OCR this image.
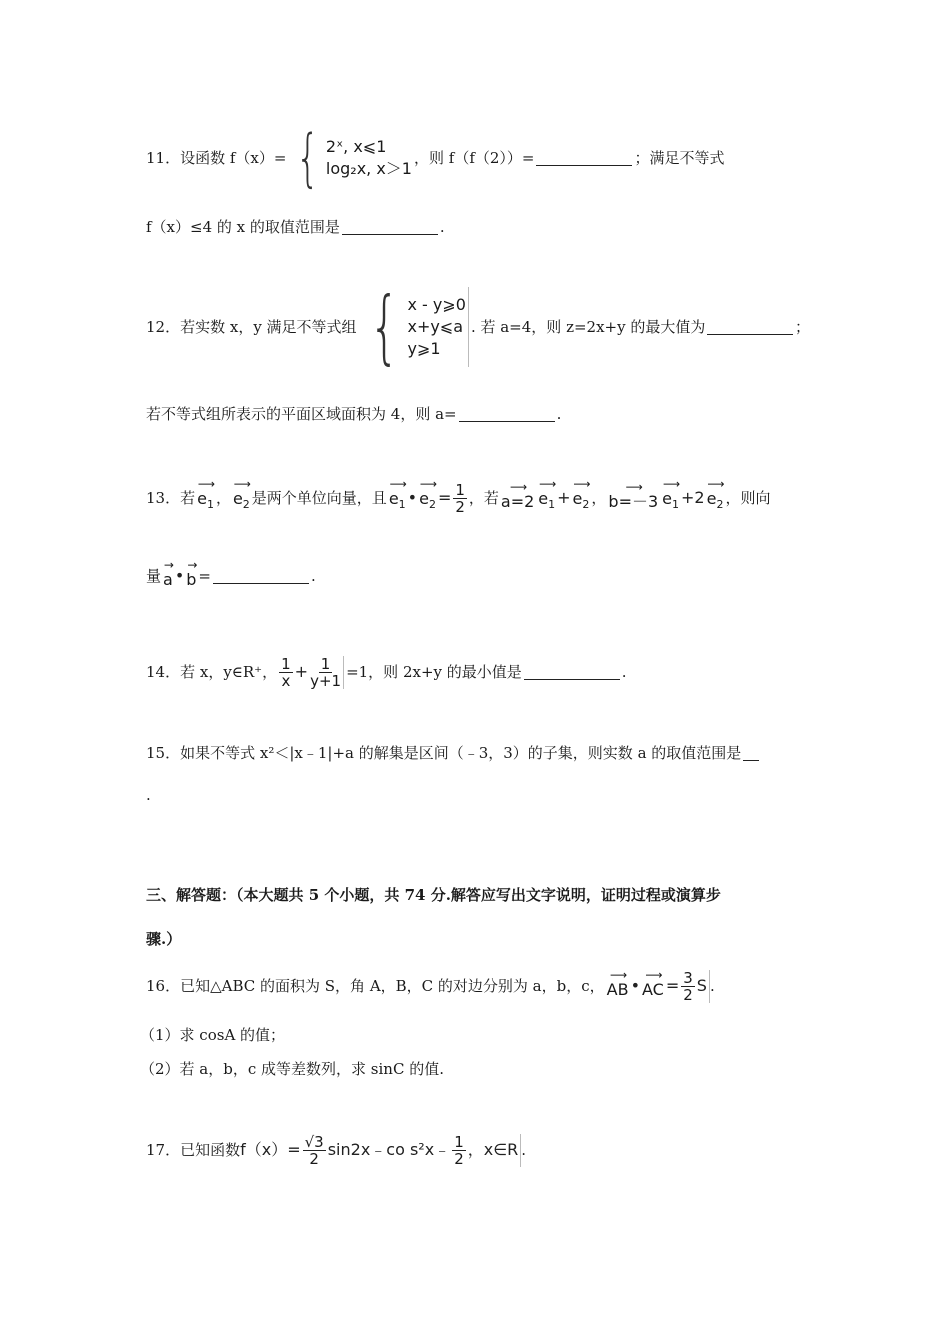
11．设函数 f（x）= { 2ˣ, x⩽1
log₂x, x＞1
，则 f（f（2））=	；满足不等式
f（x）≤4 的 x 的取值范围是	.
12．若实数 x，y 满足不等式组 { x - y⩾0
x+y⩽a
y⩾1
. 若 a=4，则 z=2x+y 的最大值为	；
若不等式组所表示的平面区域面积为 4，则 a=	.
13．若
⟶
$e_1$ ，
⟶
$e_2$ 是两个单位向量，且
⟶
$e_1$ •
⟶
$e_2 = \frac{1}{2}$ ，若
⟶
a=2
⟶
$e_1$ +
⟶
$e_2$ ，
⟶
b=－3
⟶
$e_1 +2$
⟶
$e_2$ ，则向
量
→
a •
→
b =	.
14．若 x，y∈R⁺， $\frac{1}{x} + \frac{1}{y+1} =1$，则 2x+y 的最小值是	.
15．如果不等式 x²＜|x﹣1|+a 的解集是区间（﹣3，3）的子集，则实数 a 的取值范围是
.
三、解答题：（本大题共 5 个小题，共 74 分.解答应写出文字说明，证明过程或演算步
骤.）
16．已知△ABC 的面积为 S，角 A，B，C 的对边分别为 a，b，c，
⟶
AB •
⟶
AC = $\frac{3}{2}$ S .
（1）求 cosA 的值；
（2）若 a，b，c 成等差数列，求 sinC 的值.
17．已知函数 $f(x)= \frac{√3}{2}$ sin2x﹣co s²x﹣ $\frac{1}{2}$ ，x∈R .
